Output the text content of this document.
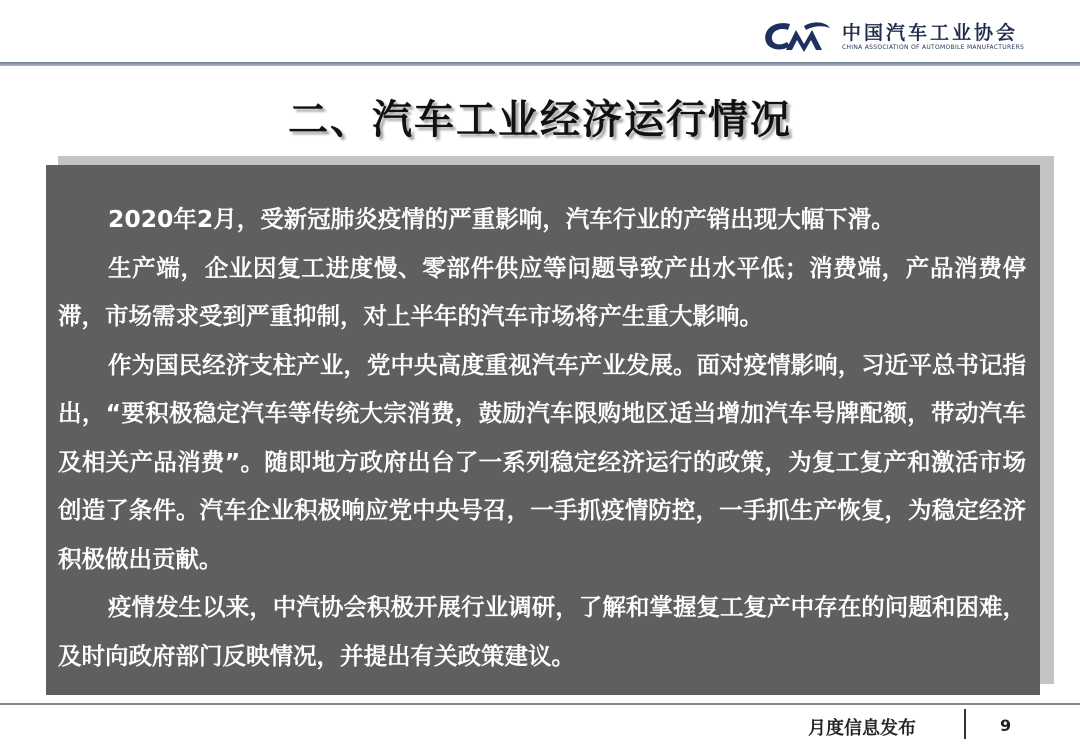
中国汽车工业协会
CHINA ASSOCIATION OF AUTOMOBILE MANUFACTURERS
二、汽车工业经济运行情况

2020年2月，受新冠肺炎疫情的严重影响，汽车行业的产销出现大幅下滑。

生产端，企业因复工进度慢、零部件供应等问题导致产出水平低；消费端，产品消费停滞，市场需求受到严重抑制，对上半年的汽车市场将产生重大影响。

作为国民经济支柱产业，党中央高度重视汽车产业发展。面对疫情影响，习近平总书记指出，“要积极稳定汽车等传统大宗消费，鼓励汽车限购地区适当增加汽车号牌配额，带动汽车及相关产品消费”。随即地方政府出台了一系列稳定经济运行的政策，为复工复产和激活市场创造了条件。汽车企业积极响应党中央号召，一手抓疫情防控，一手抓生产恢复，为稳定经济积极做出贡献。

疫情发生以来，中汽协会积极开展行业调研，了解和掌握复工复产中存在的问题和困难，及时向政府部门反映情况，并提出有关政策建议。

月度信息发布	9
